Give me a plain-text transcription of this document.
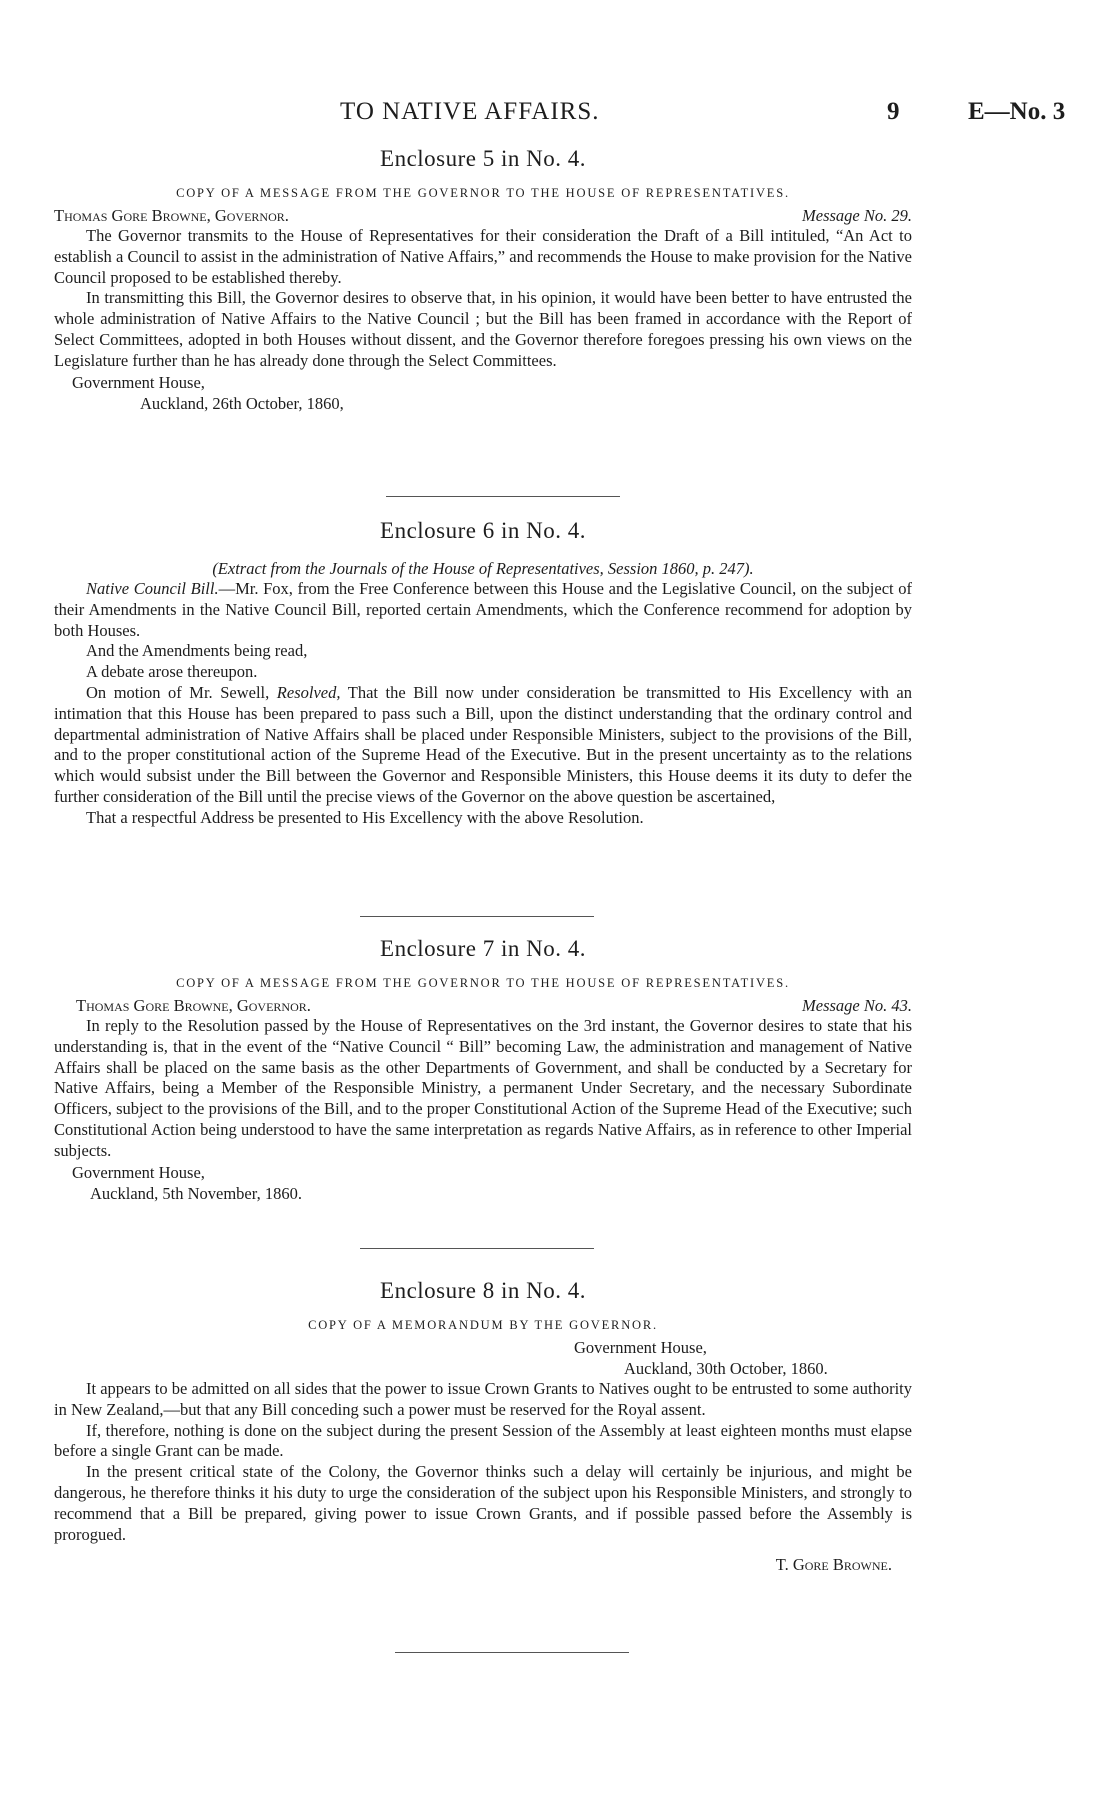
TO NATIVE AFFAIRS.	9	E—No. 3
Enclosure 5 in No. 4.
COPY OF A MESSAGE FROM THE GOVERNOR TO THE HOUSE OF REPRESENTATIVES.
Thomas Gore Browne, Governor.	Message No. 29.

The Governor transmits to the House of Representatives for their consideration the Draft of a Bill intituled, “An Act to establish a Council to assist in the administration of Native Affairs,” and recommends the House to make provision for the Native Council proposed to be established thereby.

In transmitting this Bill, the Governor desires to observe that, in his opinion, it would have been better to have entrusted the whole administration of Native Affairs to the Native Council ; but the Bill has been framed in accordance with the Report of Select Committees, adopted in both Houses without dissent, and the Governor therefore foregoes pressing his own views on the Legislature further than he has already done through the Select Committees.

Government House,
Auckland, 26th October, 1860,
Enclosure 6 in No. 4.
(Extract from the Journals of the House of Representatives, Session 1860, p. 247).

Native Council Bill.—Mr. Fox, from the Free Conference between this House and the Legislative Council, on the subject of their Amendments in the Native Council Bill, reported certain Amendments, which the Conference recommend for adoption by both Houses.

And the Amendments being read,

A debate arose thereupon.

On motion of Mr. Sewell, Resolved, That the Bill now under consideration be transmitted to His Excellency with an intimation that this House has been prepared to pass such a Bill, upon the distinct understanding that the ordinary control and departmental administration of Native Affairs shall be placed under Responsible Ministers, subject to the provisions of the Bill, and to the proper constitutional action of the Supreme Head of the Executive. But in the present uncertainty as to the relations which would subsist under the Bill between the Governor and Responsible Ministers, this House deems it its duty to defer the further consideration of the Bill until the precise views of the Governor on the above question be ascertained,

That a respectful Address be presented to His Excellency with the above Resolution.

Enclosure 7 in No. 4.
COPY OF A MESSAGE FROM THE GOVERNOR TO THE HOUSE OF REPRESENTATIVES.
Thomas Gore Browne, Governor.	Message No. 43.

In reply to the Resolution passed by the House of Representatives on the 3rd instant, the Governor desires to state that his understanding is, that in the event of the “Native Council “ Bill” becoming Law, the administration and management of Native Affairs shall be placed on the same basis as the other Departments of Government, and shall be conducted by a Secretary for Native Affairs, being a Member of the Responsible Ministry, a permanent Under Secretary, and the necessary Subordinate Officers, subject to the provisions of the Bill, and to the proper Constitutional Action of the Supreme Head of the Executive; such Constitutional Action being understood to have the same interpretation as regards Native Affairs, as in reference to other Imperial subjects.

Government House,
Auckland, 5th November, 1860.
Enclosure 8 in No. 4.
COPY OF A MEMORANDUM BY THE GOVERNOR.
Government House,
Auckland, 30th October, 1860.

It appears to be admitted on all sides that the power to issue Crown Grants to Natives ought to be entrusted to some authority in New Zealand,—but that any Bill conceding such a power must be reserved for the Royal assent.

If, therefore, nothing is done on the subject during the present Session of the Assembly at least eighteen months must elapse before a single Grant can be made.

In the present critical state of the Colony, the Governor thinks such a delay will certainly be injurious, and might be dangerous, he therefore thinks it his duty to urge the consideration of the subject upon his Responsible Ministers, and strongly to recommend that a Bill be prepared, giving power to issue Crown Grants, and if possible passed before the Assembly is prorogued.

T. Gore Browne.
